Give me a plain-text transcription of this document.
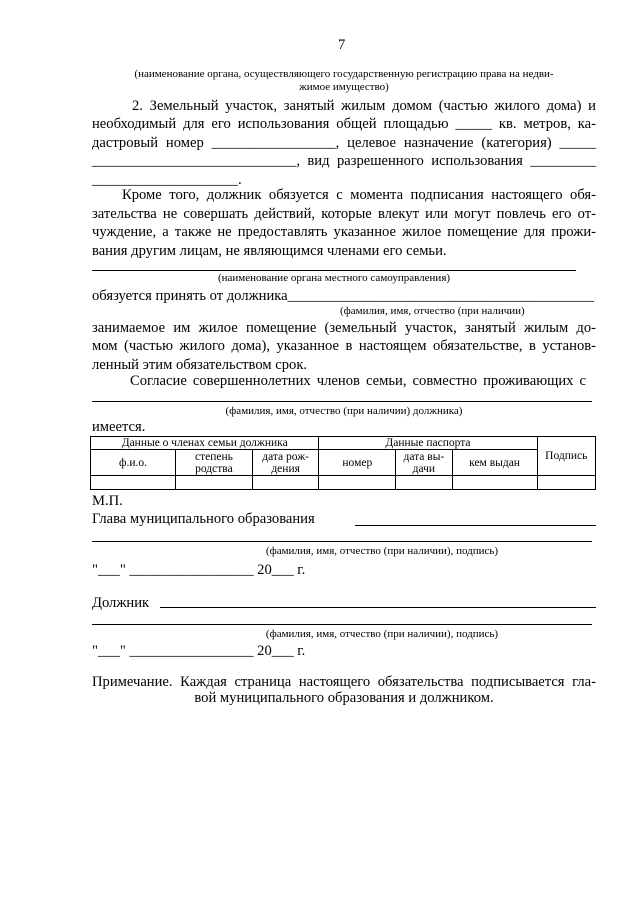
7
(наименование органа, осуществляющего государственную регистрацию права на недви-
жимое имущество)
2. Земельный участок, занятый жилым домом (частью жилого дома) и
необходимый для его использования общей площадью _____ кв. метров, ка-
дастровый номер _________________, целевое назначение (категория) _____
____________________________, вид разрешенного использования _________
____________________.
Кроме того, должник обязуется с момента подписания настоящего обя-
зательства не совершать действий, которые влекут или могут повлечь его от-
чуждение, а также не предоставлять указанное жилое помещение для прожи-
вания другим лицам, не являющимся членами его семьи.
(наименование органа местного самоуправления)
обязуется принять от должника__________________________________________
(фамилия, имя, отчество (при наличии)
занимаемое им жилое помещение (земельный участок, занятый жилым до-
мом (частью жилого дома), указанное в настоящем обязательстве, в установ-
ленный этим обязательством срок.
Согласие совершеннолетних членов семьи, совместно проживающих с
(фамилия, имя, отчество (при наличии) должника)
имеется.
Данные о членах семьи должника			Данные паспорта			Подпись
ф.и.о.	степень родства	дата рож- дения	номер	дата вы- дачи	кем выдан	

М.П.
Глава муниципального образования
(фамилия, имя, отчество (при наличии), подпись)
"___" _________________ 20___ г.
Должник
(фамилия, имя, отчество (при наличии), подпись)
"___" _________________ 20___ г.
Примечание. Каждая страница настоящего обязательства подписывается гла-
вой муниципального образования и должником.
